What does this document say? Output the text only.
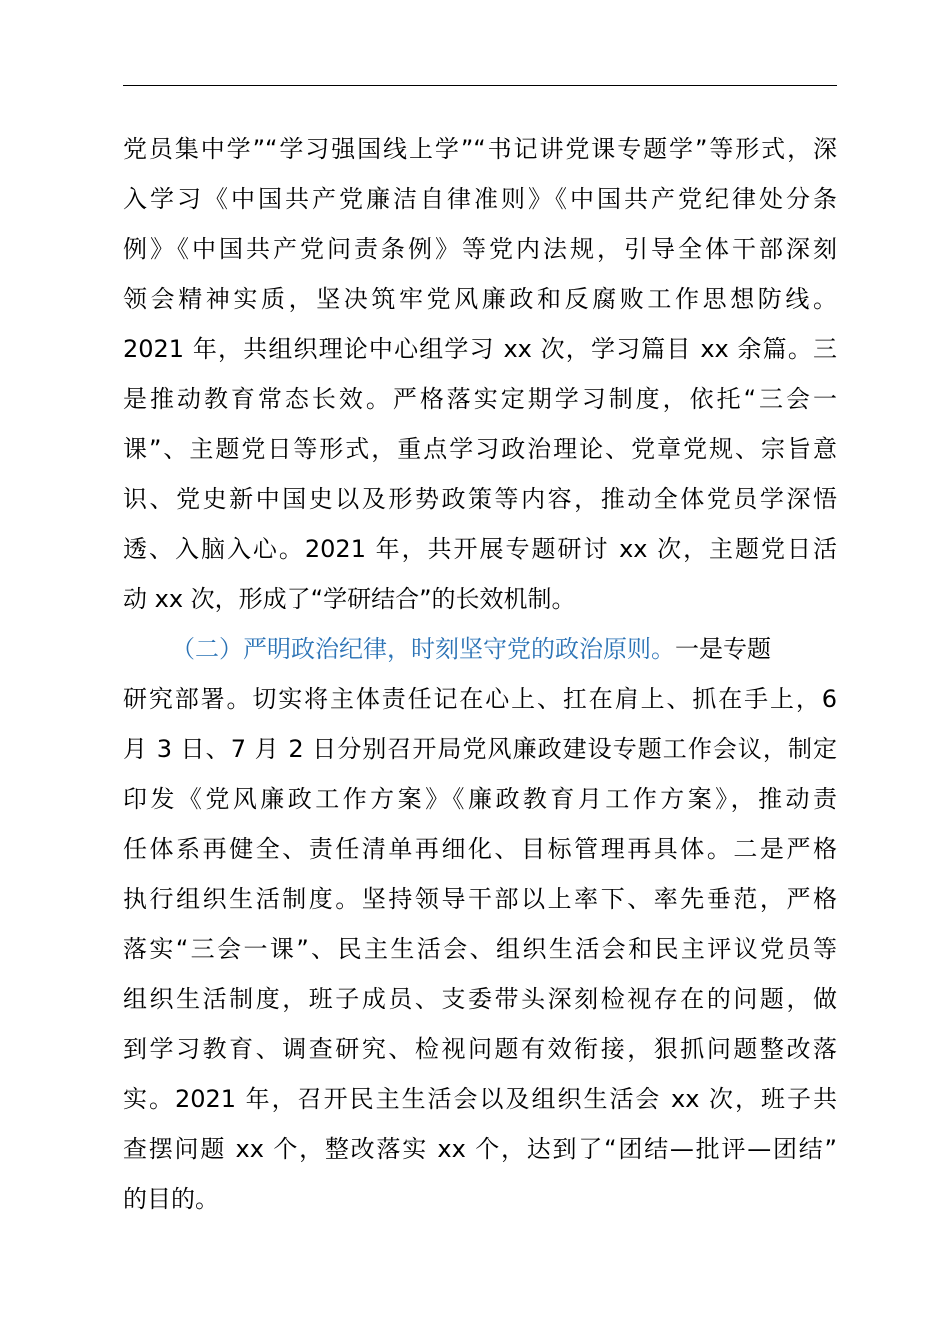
党员集中学”“学习强国线上学”“书记讲党课专题学”等形式，深
入学习《中国共产党廉洁自律准则》《中国共产党纪律处分条
例》《中国共产党问责条例》等党内法规，引导全体干部深刻
领会精神实质，坚决筑牢党风廉政和反腐败工作思想防线。
2021 年，共组织理论中心组学习 xx 次，学习篇目 xx 余篇。三
是推动教育常态长效。严格落实定期学习制度，依托“三会一
课”、主题党日等形式，重点学习政治理论、党章党规、宗旨意
识、党史新中国史以及形势政策等内容，推动全体党员学深悟
透、入脑入心。2021 年，共开展专题研讨 xx 次，主题党日活
动 xx 次，形成了“学研结合”的长效机制。
（二）严明政治纪律，时刻坚守党的政治原则。一是专题
研究部署。切实将主体责任记在心上、扛在肩上、抓在手上，6
月 3 日、7 月 2 日分别召开局党风廉政建设专题工作会议，制定
印发《党风廉政工作方案》《廉政教育月工作方案》，推动责
任体系再健全、责任清单再细化、目标管理再具体。二是严格
执行组织生活制度。坚持领导干部以上率下、率先垂范，严格
落实“三会一课”、民主生活会、组织生活会和民主评议党员等
组织生活制度，班子成员、支委带头深刻检视存在的问题，做
到学习教育、调查研究、检视问题有效衔接，狠抓问题整改落
实。2021 年，召开民主生活会以及组织生活会 xx 次，班子共
查摆问题 xx 个，整改落实 xx 个，达到了“团结—批评—团结”
的目的。
